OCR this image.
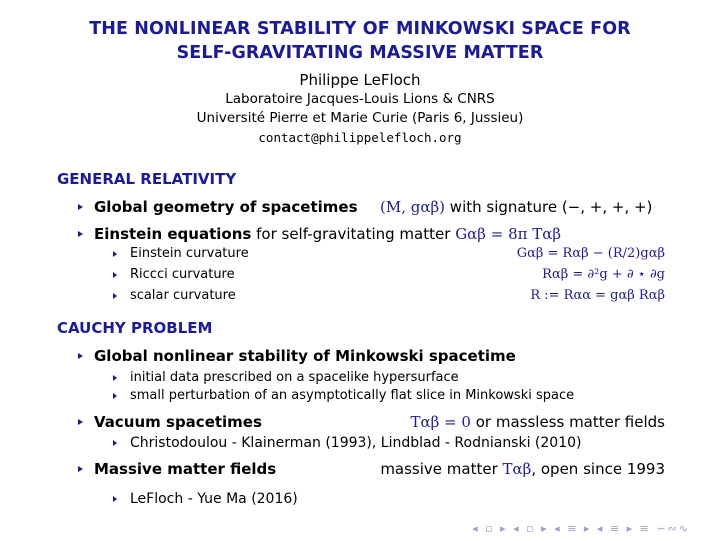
THE NONLINEAR STABILITY OF MINKOWSKI SPACE FOR
SELF-GRAVITATING MASSIVE MATTER
Philippe LeFloch
Laboratoire Jacques-Louis Lions & CNRS
Université Pierre et Marie Curie (Paris 6, Jussieu)
contact@philippelefloch.org
GENERAL RELATIVITY
Global geometry of spacetimes (M, gαβ) with signature (−, +, +, +)
Einstein equations for self-gravitating matter Gαβ = 8π Tαβ
Einstein curvature	Gαβ = Rαβ − (R/2)gαβ
Riccci curvature	Rαβ = ∂²g + ∂ ⋆ ∂g
scalar curvature	R := Rαα = gαβ Rαβ
CAUCHY PROBLEM
Global nonlinear stability of Minkowski spacetime
initial data prescribed on a spacelike hypersurface
small perturbation of an asymptotically flat slice in Minkowski space
Vacuum spacetimes	Tαβ = 0 or massless matter fields
Christodoulou - Klainerman (1993), Lindblad - Rodnianski (2010)
Massive matter fields	massive matter Tαβ, open since 1993
LeFloch - Yue Ma (2016)
◂ ▫ ▸ ◂ ▫ ▸ ◂ ≡ ▸ ◂ ≡ ▸ ≡ ∽∾∿
